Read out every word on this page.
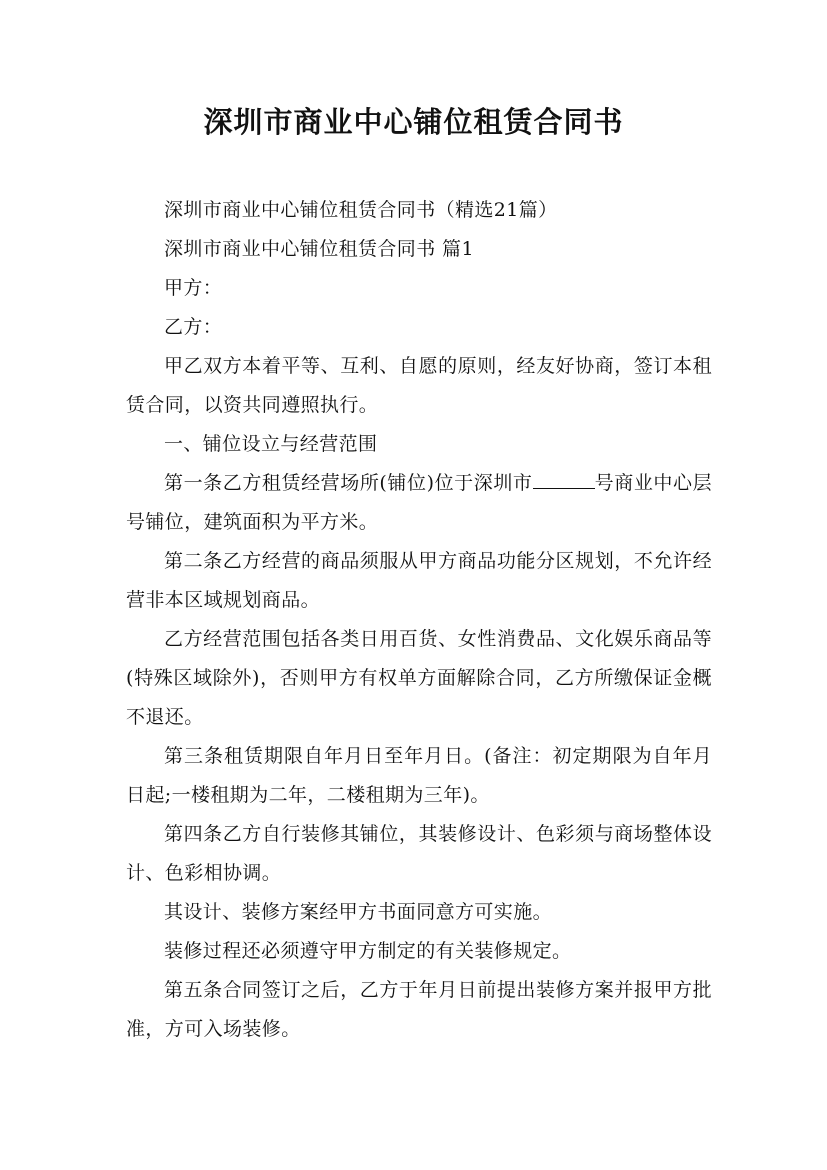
深圳市商业中心铺位租赁合同书

深圳市商业中心铺位租赁合同书（精选21篇）

深圳市商业中心铺位租赁合同书 篇1

甲方：

乙方：

甲乙双方本着平等、互利、自愿的原则，经友好协商，签订本租赁合同，以资共同遵照执行。

一、铺位设立与经营范围

第一条乙方租赁经营场所(铺位)位于深圳市	号商业中心层号铺位，建筑面积为平方米。

第二条乙方经营的商品须服从甲方商品功能分区规划，不允许经营非本区域规划商品。

乙方经营范围包括各类日用百货、女性消费品、文化娱乐商品等(特殊区域除外)，否则甲方有权单方面解除合同，乙方所缴保证金概不退还。

第三条租赁期限自年月日至年月日。(备注：初定期限为自年月日起;一楼租期为二年，二楼租期为三年)。

第四条乙方自行装修其铺位，其装修设计、色彩须与商场整体设计、色彩相协调。

其设计、装修方案经甲方书面同意方可实施。

装修过程还必须遵守甲方制定的有关装修规定。

第五条合同签订之后，乙方于年月日前提出装修方案并报甲方批准，方可入场装修。
